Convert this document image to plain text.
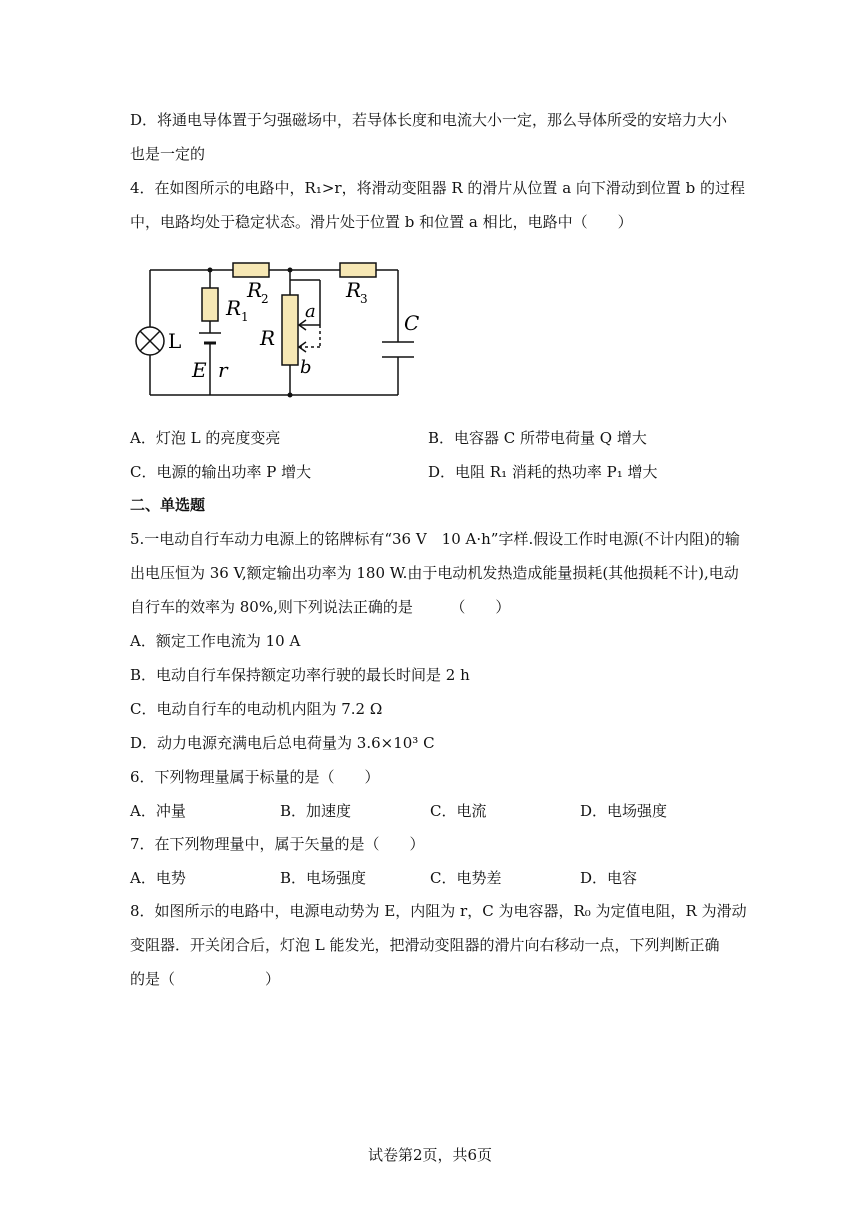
D．将通电导体置于匀强磁场中，若导体长度和电流大小一定，那么导体所受的安培力大小
也是一定的
4．在如图所示的电路中，R₁>r，将滑动变阻器 R 的滑片从位置 a 向下滑动到位置 b 的过程
中，电路均处于稳定状态。滑片处于位置 b 和位置 a 相比，电路中（　　）
L
R 1
R
2	R
3
R
C
E r
a
b
A．灯泡 L 的亮度变亮	B．电容器 C 所带电荷量 Q 增大
C．电源的输出功率 P 增大	D．电阻 R₁ 消耗的热功率 P₁ 增大
二、单选题
5.一电动自行车动力电源上的铭牌标有“36 V　10 A·h”字样.假设工作时电源(不计内阻)的输
出电压恒为 36 V,额定输出功率为 180 W.由于电动机发热造成能量损耗(其他损耗不计),电动
自行车的效率为 80%,则下列说法正确的是　　　（　　）
A．额定工作电流为 10 A
B．电动自行车保持额定功率行驶的最长时间是 2 h
C．电动自行车的电动机内阻为 7.2 Ω
D．动力电源充满电后总电荷量为 3.6×10³ C
6．下列物理量属于标量的是（　　）
A．冲量	B．加速度	C．电流	D．电场强度
7．在下列物理量中，属于矢量的是（　　）
A．电势	B．电场强度	C．电势差	D．电容
8．如图所示的电路中，电源电动势为 E，内阻为 r，C 为电容器，R₀ 为定值电阻，R 为滑动
变阻器．开关闭合后，灯泡 L 能发光，把滑动变阻器的滑片向右移动一点，下列判断正确
的是（　　　　　　）
试卷第2页，共6页
